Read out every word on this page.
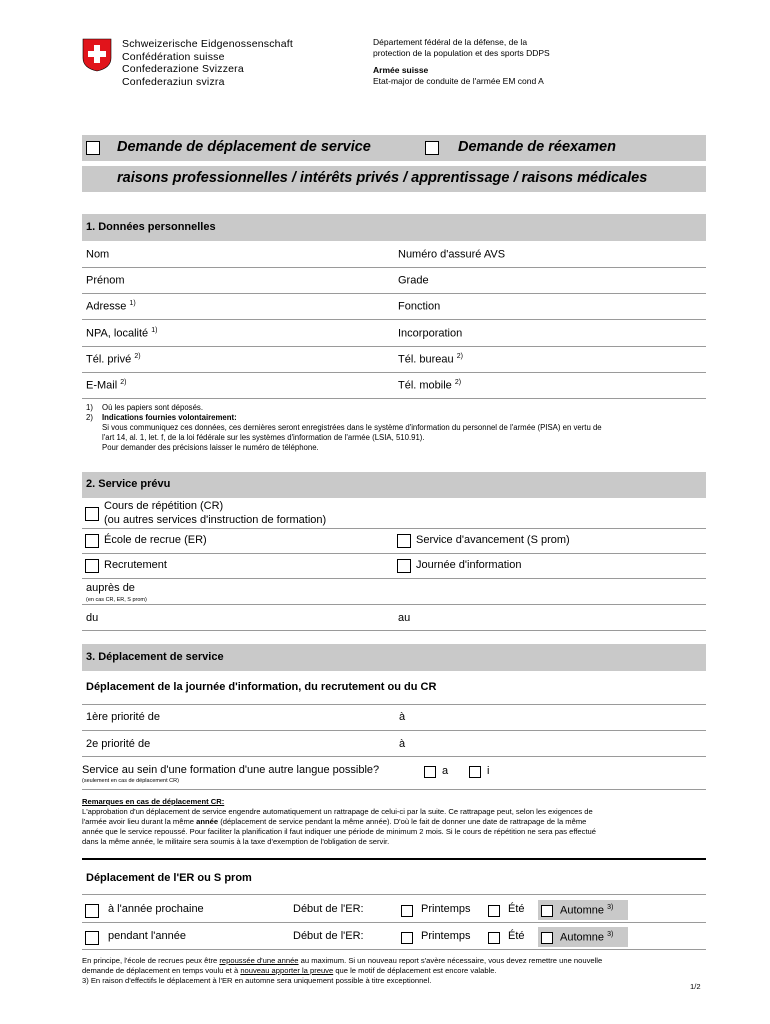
Schweizerische Eidgenossenschaft
Confédération suisse
Confederazione Svizzera
Confederaziun svizra
Département fédéral de la défense, de la
protection de la population et des sports DDPS
Armée suisse
Etat-major de conduite de l'armée EM cond A
Demande de déplacement de service	Demande de réexamen
raisons professionnelles / intérêts privés / apprentissage / raisons médicales
1. Données personnelles
Nom	Numéro d'assuré AVS
Prénom	Grade
Adresse $^{1)}$	Fonction
NPA, localité $^{1)}$	Incorporation
Tél. privé $^{2)}$	Tél. bureau $^{2)}$
E-Mail $^{2)}$	Tél. mobile $^{2)}$
1) Où les papiers sont déposés.
2) Indications fournies volontairement:
Si vous communiquez ces données, ces dernières seront enregistrées dans le système d'information du personnel de l'armée (PISA) en vertu de
l'art 14, al. 1, let. f, de la loi fédérale sur les systèmes d'information de l'armée (LSIA, 510.91).
Pour demander des précisions laisser le numéro de téléphone.
2. Service prévu
Cours de répétition (CR)
(ou autres services d'instruction de formation)
École de recrue (ER)	Service d'avancement (S prom)
Recrutement	Journée d'information
auprès de
(en cas CR, ER, S prom)
du	au
3. Déplacement de service
Déplacement de la journée d'information, du recrutement ou du CR
1ère priorité de	à
2e priorité de	à
Service au sein d'une formation d'une autre langue possible?
(seulement en cas de déplacement CR)
a	i
Remarques en cas de déplacement CR:
L'approbation d'un déplacement de service engendre automatiquement un rattrapage de celui-ci par la suite. Ce rattrapage peut, selon les exigences de
l'armée avoir lieu durant la même année (déplacement de service pendant la même année). D'où le fait de donner une date de rattrapage de la même
année que le service repoussé. Pour faciliter la planification il faut indiquer une période de minimum 2 mois. Si le cours de répétition ne sera pas effectué
dans la même année, le militaire sera soumis à la taxe d'exemption de l'obligation de servir.
Déplacement de l'ER ou S prom
à l'année prochaine	Début de l'ER:	Printemps	Été	Automne $^{3)}$
pendant l'année	Début de l'ER:	Printemps	Été	Automne $^{3)}$
En principe, l'école de recrues peux être repoussée d'une année au maximum. Si un nouveau report s'avère nécessaire, vous devez remettre une nouvelle
demande de déplacement en temps voulu et à nouveau apporter la preuve que le motif de déplacement est encore valable.
3) En raison d'effectifs le déplacement à l'ER en automne sera uniquement possible à titre exceptionnel.
1/2
